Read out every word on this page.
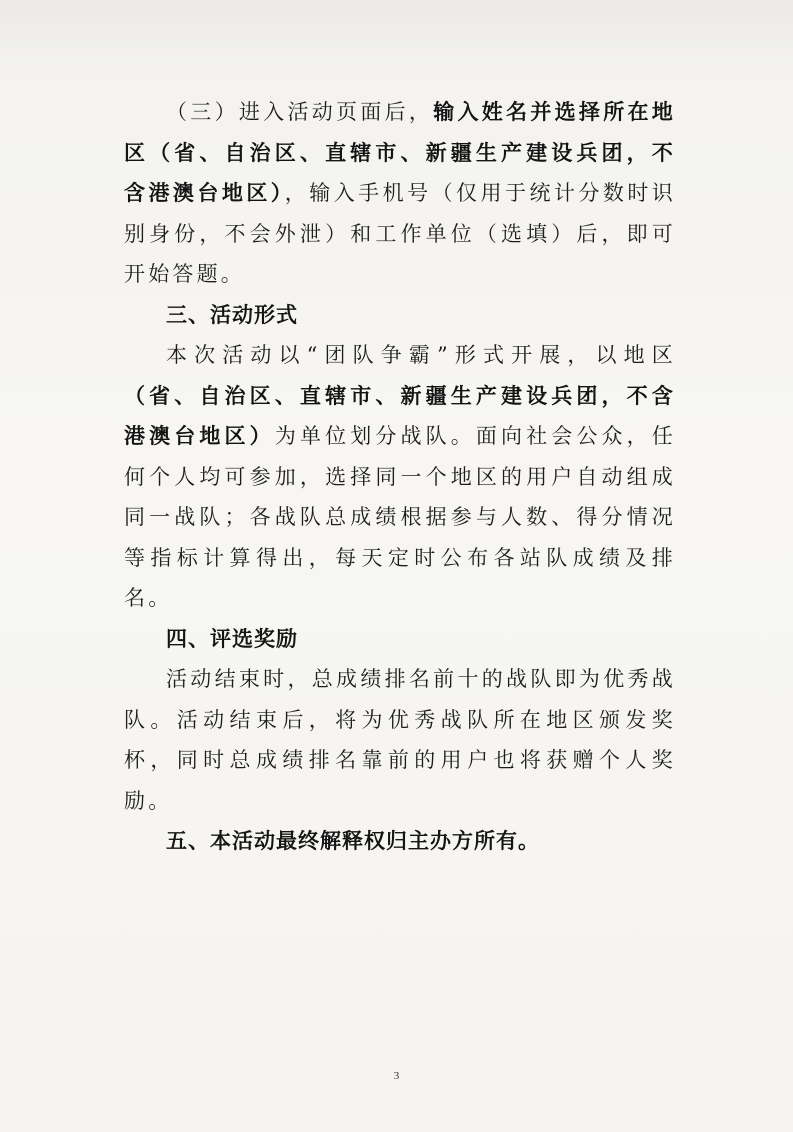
（三）进入活动页面后，输入姓名并选择所在地区（省、自治区、直辖市、新疆生产建设兵团，不含港澳台地区），输入手机号（仅用于统计分数时识别身份，不会外泄）和工作单位（选填）后，即可开始答题。

三、活动形式

本次活动以“团队争霸”形式开展，以地区（省、自治区、直辖市、新疆生产建设兵团，不含港澳台地区）为单位划分战队。面向社会公众，任何个人均可参加，选择同一个地区的用户自动组成同一战队；各战队总成绩根据参与人数、得分情况等指标计算得出，每天定时公布各站队成绩及排名。

四、评选奖励

活动结束时，总成绩排名前十的战队即为优秀战队。活动结束后，将为优秀战队所在地区颁发奖杯，同时总成绩排名靠前的用户也将获赠个人奖励。

五、本活动最终解释权归主办方所有。

3
